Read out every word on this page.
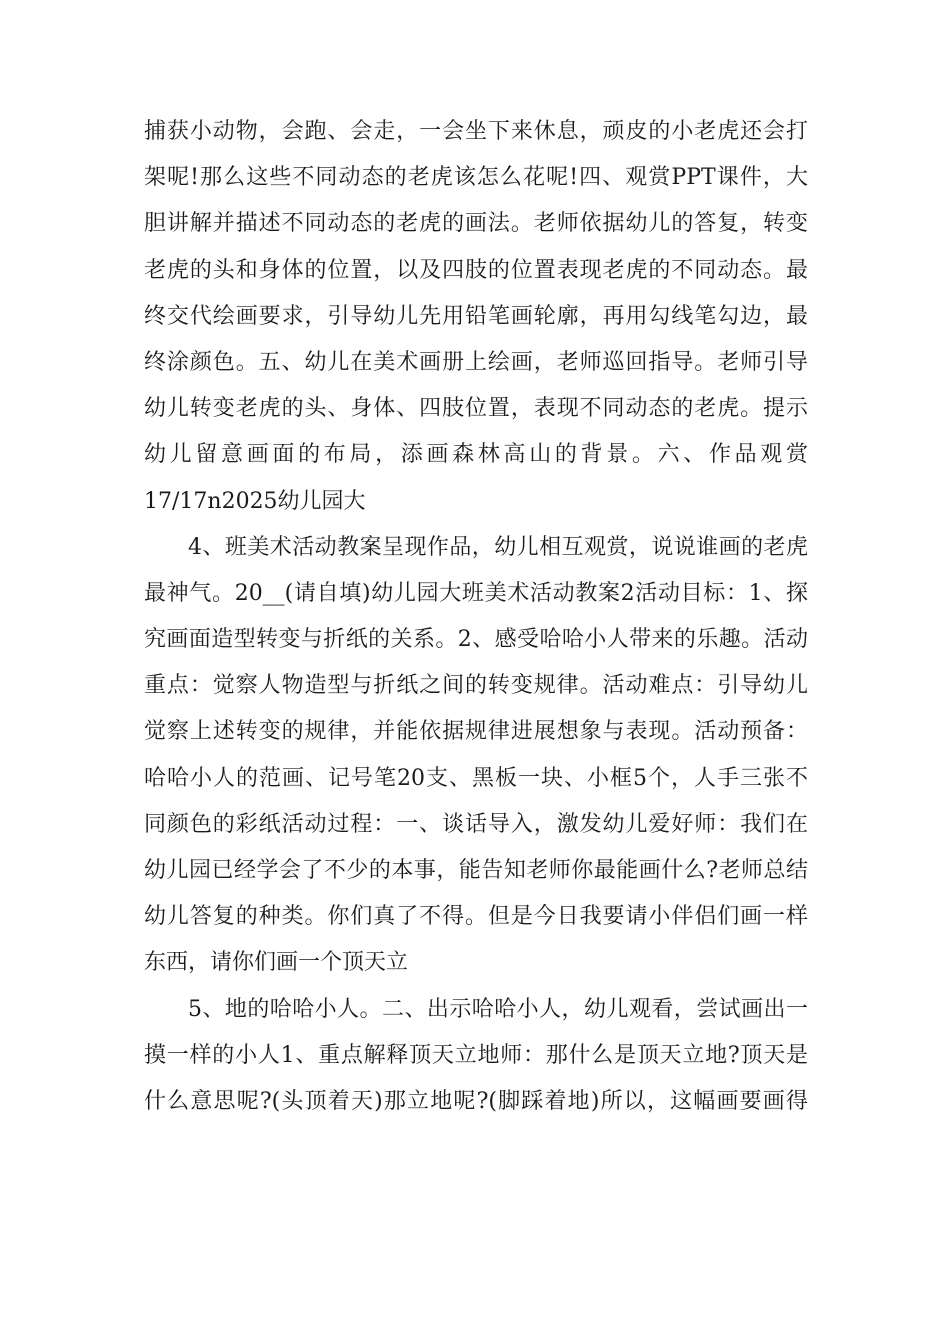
捕获小动物，会跑、会走，一会坐下来休息，顽皮的小老虎还会打
架呢!那么这些不同动态的老虎该怎么花呢!四、观赏PPT课件，大
胆讲解并描述不同动态的老虎的画法。老师依据幼儿的答复，转变
老虎的头和身体的位置，以及四肢的位置表现老虎的不同动态。最
终交代绘画要求，引导幼儿先用铅笔画轮廓，再用勾线笔勾边，最
终涂颜色。五、幼儿在美术画册上绘画，老师巡回指导。老师引导
幼儿转变老虎的头、身体、四肢位置，表现不同动态的老虎。提示
幼儿留意画面的布局，添画森林高山的背景。六、作品观赏
17/17n2025幼儿园大
4、班美术活动教案呈现作品，幼儿相互观赏，说说谁画的老虎
最神气。20__(请自填)幼儿园大班美术活动教案2活动目标：1、探
究画面造型转变与折纸的关系。2、感受哈哈小人带来的乐趣。活动
重点：觉察人物造型与折纸之间的转变规律。活动难点：引导幼儿
觉察上述转变的规律，并能依据规律进展想象与表现。活动预备：
哈哈小人的范画、记号笔20支、黑板一块、小框5个，人手三张不
同颜色的彩纸活动过程：一、谈话导入，激发幼儿爱好师：我们在
幼儿园已经学会了不少的本事，能告知老师你最能画什么?老师总结
幼儿答复的种类。你们真了不得。但是今日我要请小伴侣们画一样
东西，请你们画一个顶天立
5、地的哈哈小人。二、出示哈哈小人，幼儿观看，尝试画出一
摸一样的小人1、重点解释顶天立地师：那什么是顶天立地?顶天是
什么意思呢?(头顶着天)那立地呢?(脚踩着地)所以，这幅画要画得
